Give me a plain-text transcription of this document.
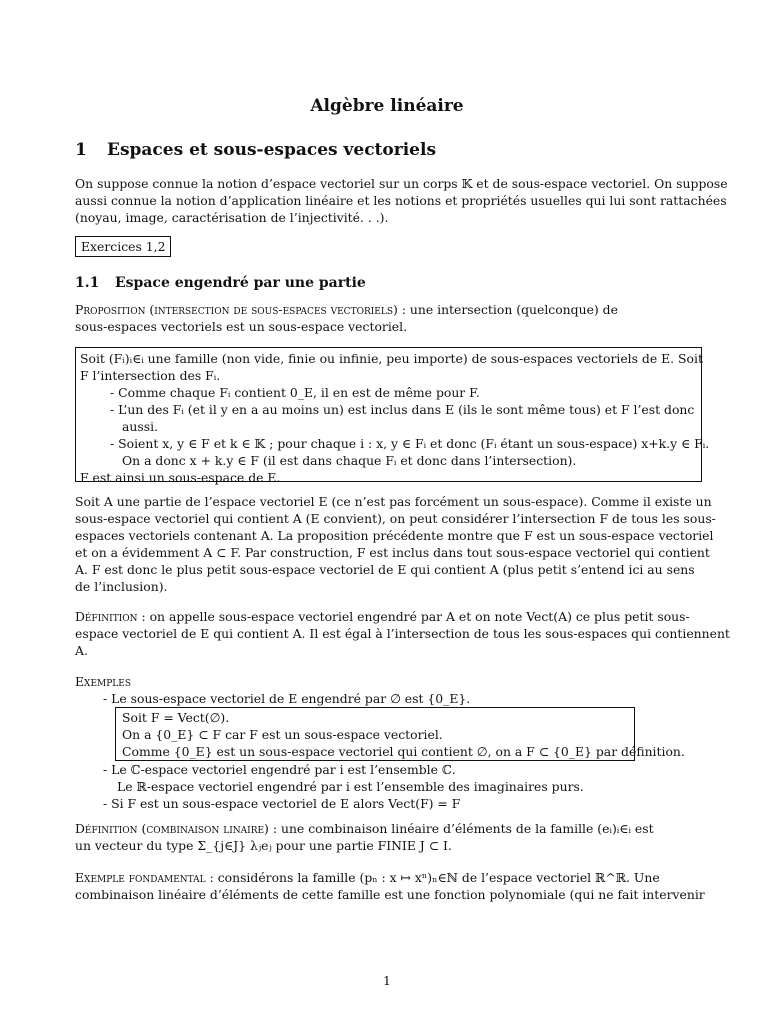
Algèbre linéaire
1 Espaces et sous-espaces vectoriels
On suppose connue la notion d’espace vectoriel sur un corps 𝕂 et de sous-espace vectoriel. On suppose
aussi connue la notion d’application linéaire et les notions et propriétés usuelles qui lui sont rattachées
(noyau, image, caractérisation de l’injectivité. . .).
Exercices 1,2
1.1 Espace engendré par une partie
Proposition (intersection de sous-espaces vectoriels) : une intersection (quelconque) de
sous-espaces vectoriels est un sous-espace vectoriel.
Soit (Fᵢ)ᵢ∈ᵢ une famille (non vide, finie ou infinie, peu importe) de sous-espaces vectoriels de E. Soit
F l’intersection des Fᵢ.
- Comme chaque Fᵢ contient 0_E, il en est de même pour F.
- L’un des Fᵢ (et il y en a au moins un) est inclus dans E (ils le sont même tous) et F l’est donc
aussi.
- Soient x, y ∈ F et k ∈ 𝕂 ; pour chaque i : x, y ∈ Fᵢ et donc (Fᵢ étant un sous-espace) x+k.y ∈ Fᵢ.
On a donc x + k.y ∈ F (il est dans chaque Fᵢ et donc dans l’intersection).
F est ainsi un sous-espace de E.
Soit A une partie de l’espace vectoriel E (ce n’est pas forcément un sous-espace). Comme il existe un
sous-espace vectoriel qui contient A (E convient), on peut considérer l’intersection F de tous les sous-
espaces vectoriels contenant A. La proposition précédente montre que F est un sous-espace vectoriel
et on a évidemment A ⊂ F. Par construction, F est inclus dans tout sous-espace vectoriel qui contient
A. F est donc le plus petit sous-espace vectoriel de E qui contient A (plus petit s’entend ici au sens
de l’inclusion).
Définition : on appelle sous-espace vectoriel engendré par A et on note Vect(A) ce plus petit sous-
espace vectoriel de E qui contient A. Il est égal à l’intersection de tous les sous-espaces qui contiennent
A.
Exemples
- Le sous-espace vectoriel de E engendré par ∅ est {0_E}.
Soit F = Vect(∅).
On a {0_E} ⊂ F car F est un sous-espace vectoriel.
Comme {0_E} est un sous-espace vectoriel qui contient ∅, on a F ⊂ {0_E} par définition.
- Le ℂ-espace vectoriel engendré par i est l’ensemble ℂ.
Le ℝ-espace vectoriel engendré par i est l’ensemble des imaginaires purs.
- Si F est un sous-espace vectoriel de E alors Vect(F) = F
Définition (combinaison linaire) : une combinaison linéaire d’éléments de la famille (eᵢ)ᵢ∈ᵢ est
un vecteur du type Σ_{j∈J} λⱼeⱼ pour une partie FINIE J ⊂ I.
Exemple fondamental : considérons la famille (pₙ : x ↦ xⁿ)ₙ∈ℕ de l’espace vectoriel ℝ^ℝ. Une
combinaison linéaire d’éléments de cette famille est une fonction polynomiale (qui ne fait intervenir
1
